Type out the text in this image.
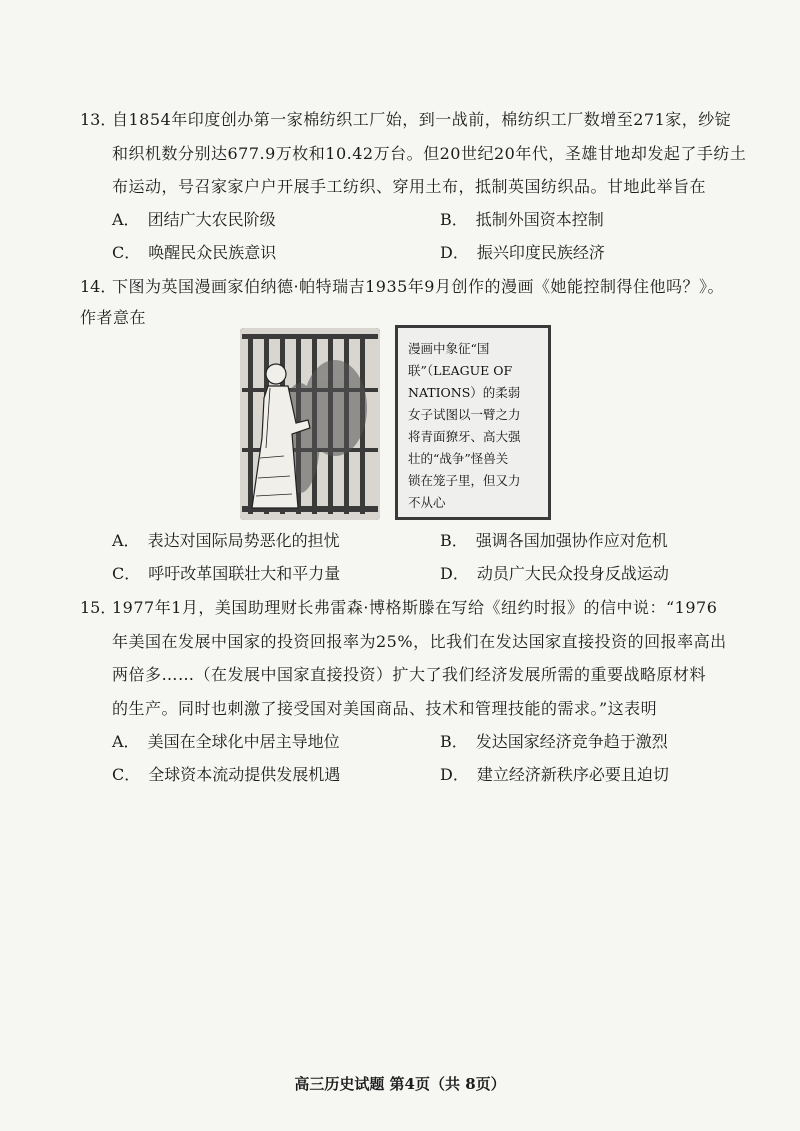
13．
自1854年印度创办第一家棉纺织工厂始，到一战前，棉纺织工厂数增至271家，纱锭
和织机数分别达677.9万枚和10.42万台。但20世纪20年代，圣雄甘地却发起了手纺土
布运动，号召家家户户开展手工纺织、穿用土布，抵制英国纺织品。甘地此举旨在
A． 团结广大农民阶级	B． 抵制外国资本控制
C． 唤醒民众民族意识	D． 振兴印度民族经济
14．
下图为英国漫画家伯纳德·帕特瑞吉1935年9月创作的漫画《她能控制得住他吗？》。
作者意在
漫画中象征“国
联”（LEAGUE OF
NATIONS）的柔弱
女子试图以一臂之力
将青面獠牙、高大强
壮的“战争”怪兽关
锁在笼子里，但又力
不从心
A． 表达对国际局势恶化的担忧	B． 强调各国加强协作应对危机
C． 呼吁改革国联壮大和平力量	D． 动员广大民众投身反战运动
15．
1977年1月，美国助理财长弗雷森·博格斯滕在写给《纽约时报》的信中说：“1976
年美国在发展中国家的投资回报率为25%，比我们在发达国家直接投资的回报率高出
两倍多……（在发展中国家直接投资）扩大了我们经济发展所需的重要战略原材料
的生产。同时也刺激了接受国对美国商品、技术和管理技能的需求。”这表明
A． 美国在全球化中居主导地位	B． 发达国家经济竞争趋于激烈
C． 全球资本流动提供发展机遇	D． 建立经济新秩序必要且迫切
高三历史试题 第4页（共 8页）
